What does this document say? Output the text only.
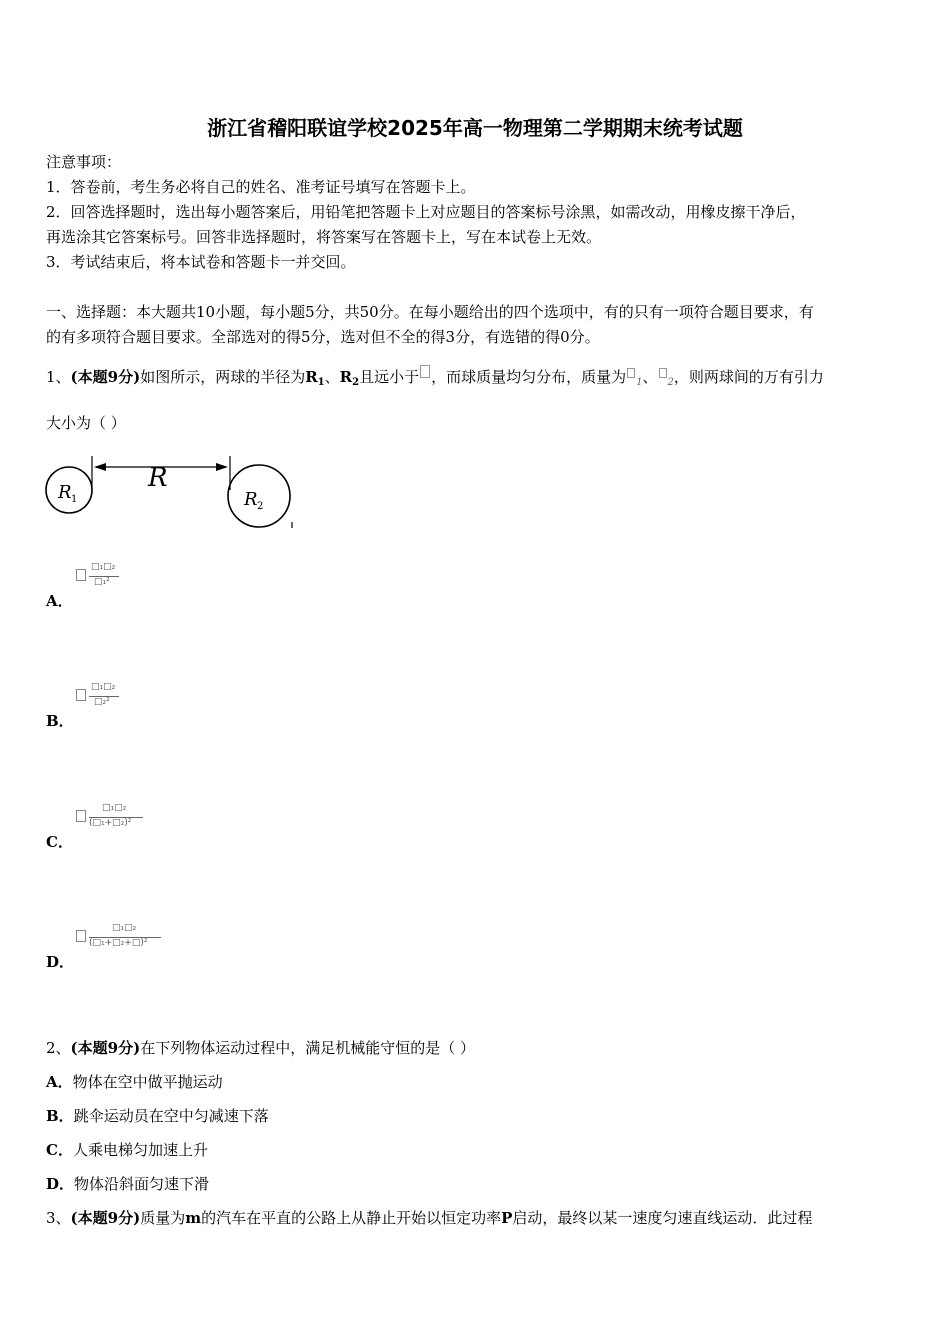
浙江省稽阳联谊学校2025年高一物理第二学期期末统考试题
注意事项：
1．答卷前，考生务必将自己的姓名、准考证号填写在答题卡上。
2．回答选择题时，选出每小题答案后，用铅笔把答题卡上对应题目的答案标号涂黑，如需改动，用橡皮擦干净后，
再选涂其它答案标号。回答非选择题时，将答案写在答题卡上，写在本试卷上无效。
3．考试结束后，将本试卷和答题卡一并交回。
一、选择题：本大题共10小题，每小题5分，共50分。在每小题给出的四个选项中，有的只有一项符合题目要求，有
的有多项符合题目要求。全部选对的得5分，选对但不全的得3分，有选错的得0分。
1、(本题9分)如图所示，两球的半径为$R_1$、$R_2$且远小于 ，而球质量均匀分布，质量为 $_1$、 $_2$，则两球间的万有引力
大小为（ ）
R
R 1	R 2
A．
□₁□₂
□₁²
B．
□₁□₂
□₂²
C．
□₁□₂
(□₁+□₂)²
D．
□₁□₂
(□₁+□₂+□)²
2、(本题9分)在下列物体运动过程中，满足机械能守恒的是（ ）
A．物体在空中做平抛运动
B．跳伞运动员在空中匀减速下落
C．人乘电梯匀加速上升
D．物体沿斜面匀速下滑
3、(本题9分)质量为m的汽车在平直的公路上从静止开始以恒定功率P启动，最终以某一速度匀速直线运动．此过程
